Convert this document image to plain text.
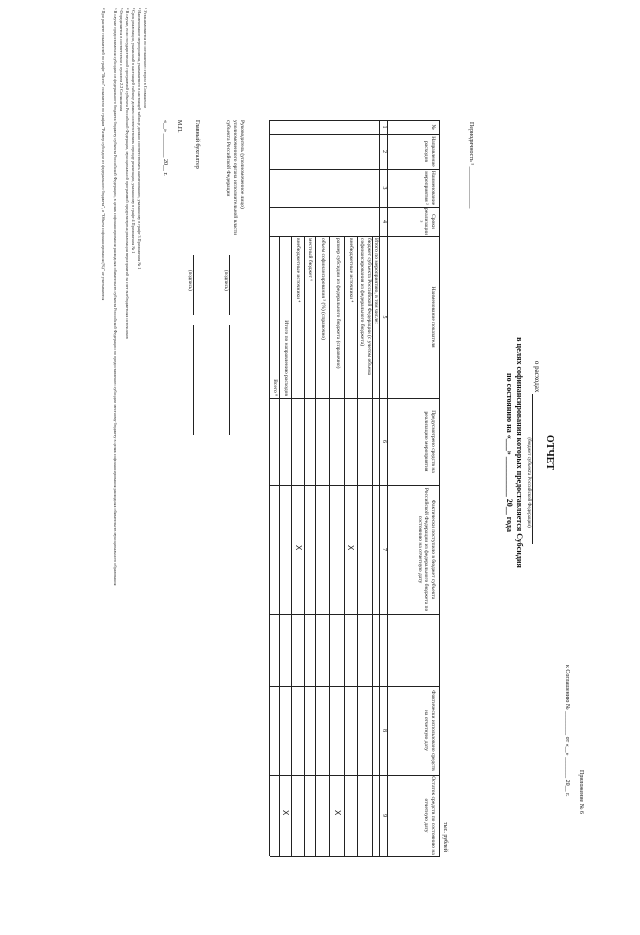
Приложение № 6
к Соглашению № ________ от «__» _______ 20__ г.
ОТЧЕТ
о расходах
(бюджет субъекта Российской Федерации)
в целях софинансирования которых предоставляется Субсидия
по состоянию на «___» __________ 20__ года
Периодичность ¹ ______________
тыс. рублей
№
Направление расходов
Наименование мероприятия ²
Сроки реализации ³
Наименование показателя
Фактически поступило в бюджет субъекта Российской Федерации из федерального бюджета по состоянию на отчетную дату
Предусмотрено средств на реализацию мероприятия
Фактически использовано средств на отчетную дату
Остаток средств по состоянию на отчетную дату
1
2
3
4
5
6
7
8
9
Итого по мероприятию, в том числе:
бюджет субъекта Российской Федерации (с учетом объема софинансирования из федерального бюджета)
внебюджетные источники ⁴
размер субсидии из федерального бюджета (справочно)
объем софинансирования ⁵ (%) (справочно)
местный бюджет ⁶
внебюджетные источники ⁴
Итого по направлению расходов
Всего ⁸
X
X
X
X
Руководитель (уполномоченное лицо) уполномоченного органа исполнительной власти субъекта Российской Федерации
(подпись)
Главный бухгалтер
(подпись)
М.П.
«__» ________ 20__ г.
¹ Устанавливается по соглашению сторон в Соглашении
² Наименование мероприятия, указываемого в настоящей таблице должно соответствовать наименованию, указанному в графе 3 Приложения № 1
³ Срок реализации, указанный в настоящей таблице должен соответствовать периоду реализации, указанному в графе 4 Приложения № 1
⁴ В случае, если государственной программой субъекта Российской Федерации, муниципальной программой предусмотрена реализация мероприятий за счет внебюджетных источников
⁵ Определяется в соответствии с пунктом 2.2 Соглашения
⁶ В случае предоставления субсидии из федерального бюджета бюджету субъекта Российской Федерации, в целях софинансирования расходных обязательств субъекта Российской Федерации по предоставлению субсидии местному бюджету в целях софинансирования расходных обязательств муниципального образования
⁸ При расчете показателей по графе "Всего" показатели по графам "Размер субсидии из федерального бюджета", и "Объем софинансирования (%)" не учитываются
